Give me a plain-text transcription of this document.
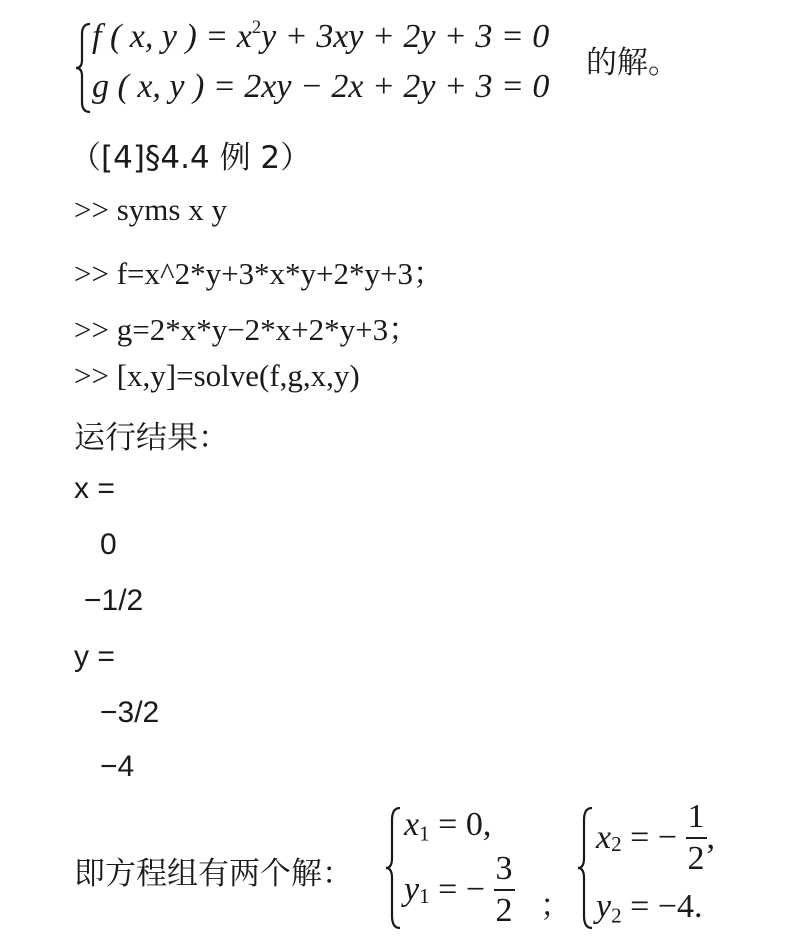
f ( x, y ) = $x^2y + 3xy + 2y + 3 = 0$
g ( x, y ) = 2xy − 2x + 2y + 3 = 0
的解。
（[4]§4.4 例 2）
>> syms x y
>> f=x^2*y+3*x*y+2*y+3；
>> g=2*x*y−2*x+2*y+3；
>> [x,y]=solve(f,g,x,y)
运行结果：
x =
0
−1/2
y =
−3/2
−4
即方程组有两个解：
$x_1 = 0$,
$y_1$ = − $\frac{3}{2}$ ；
$x_2$ = − $\frac{1}{2}$ ,
$y_2 = -4$.
